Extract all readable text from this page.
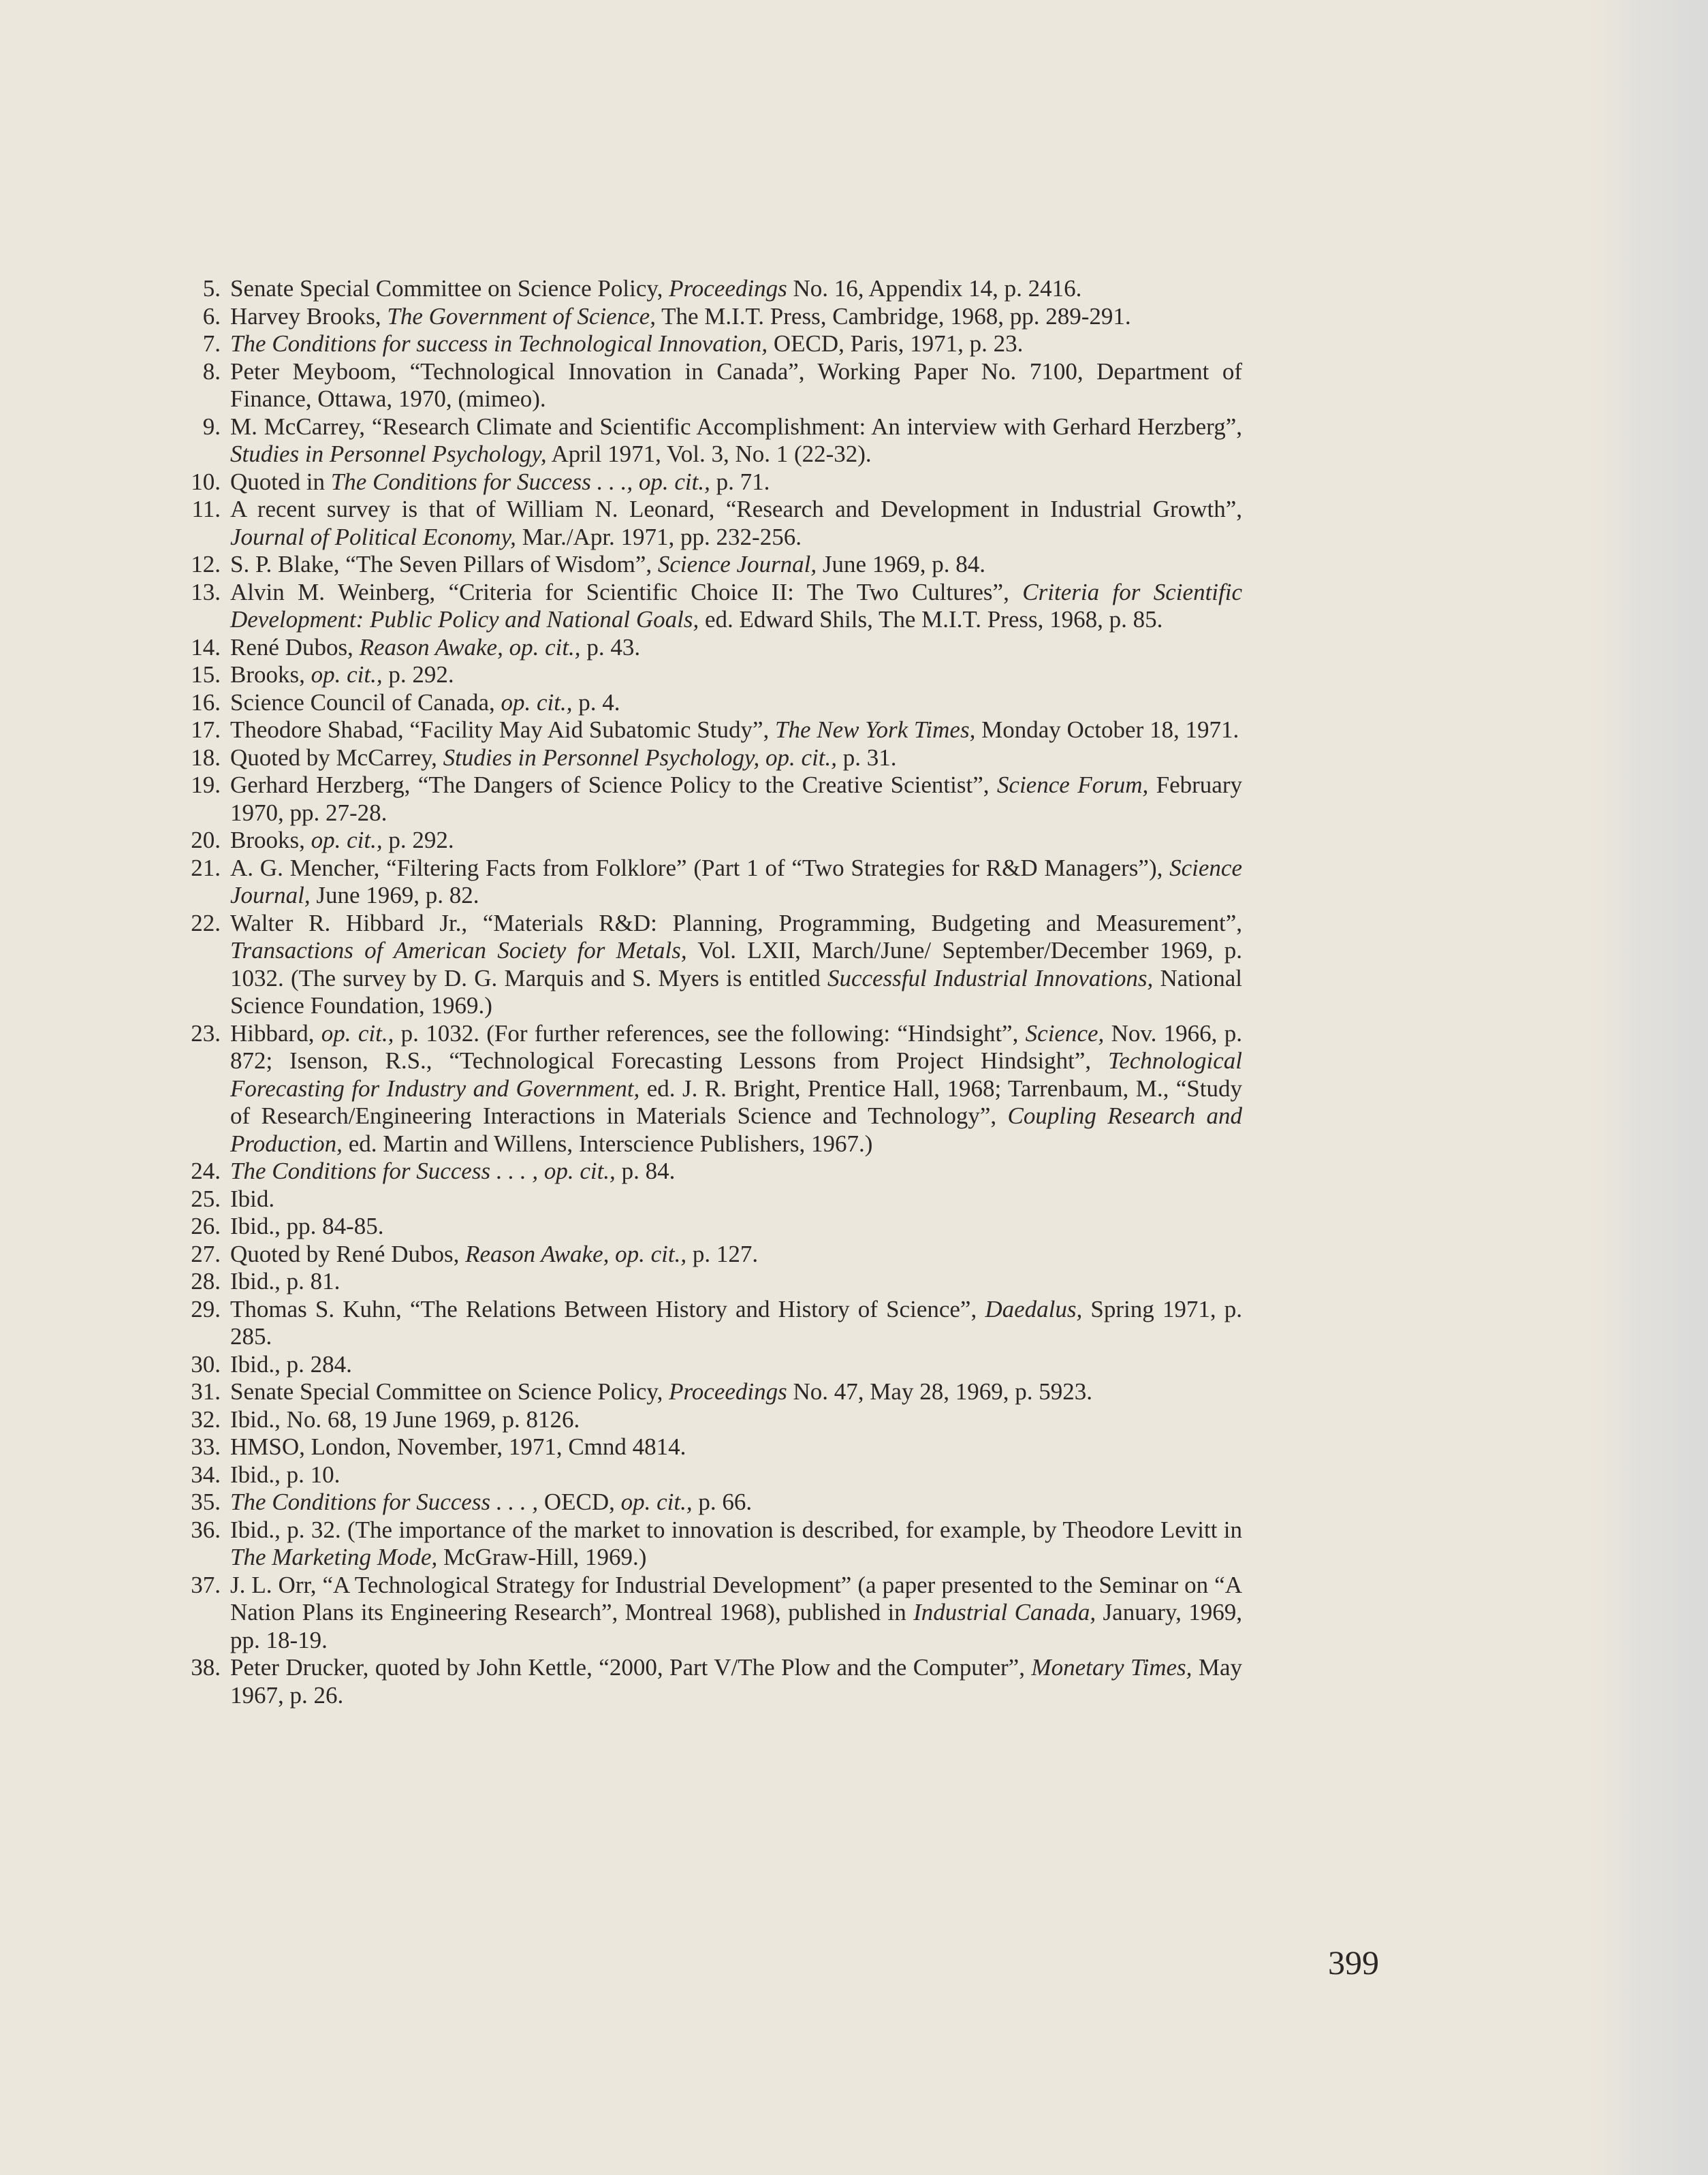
5. Senate Special Committee on Science Policy, Proceedings No. 16, Appendix 14, p. 2416.
6. Harvey Brooks, The Government of Science, The M.I.T. Press, Cambridge, 1968, pp. 289-291.
7. The Conditions for success in Technological Innovation, OECD, Paris, 1971, p. 23.
8. Peter Meyboom, “Technological Innovation in Canada”, Working Paper No. 7100, Department of Finance, Ottawa, 1970, (mimeo).
9. M. McCarrey, “Research Climate and Scientific Accomplishment: An interview with Gerhard Herzberg”, Studies in Personnel Psychology, April 1971, Vol. 3, No. 1 (22-32).
10. Quoted in The Conditions for Success . . ., op. cit., p. 71.
11. A recent survey is that of William N. Leonard, “Research and Development in Industrial Growth”, Journal of Political Economy, Mar./Apr. 1971, pp. 232-256.
12. S. P. Blake, “The Seven Pillars of Wisdom”, Science Journal, June 1969, p. 84.
13. Alvin M. Weinberg, “Criteria for Scientific Choice II: The Two Cultures”, Criteria for Scientific Development: Public Policy and National Goals, ed. Edward Shils, The M.I.T. Press, 1968, p. 85.
14. René Dubos, Reason Awake, op. cit., p. 43.
15. Brooks, op. cit., p. 292.
16. Science Council of Canada, op. cit., p. 4.
17. Theodore Shabad, “Facility May Aid Subatomic Study”, The New York Times, Monday October 18, 1971.
18. Quoted by McCarrey, Studies in Personnel Psychology, op. cit., p. 31.
19. Gerhard Herzberg, “The Dangers of Science Policy to the Creative Scientist”, Science Forum, February 1970, pp. 27-28.
20. Brooks, op. cit., p. 292.
21. A. G. Mencher, “Filtering Facts from Folklore” (Part 1 of “Two Strategies for R&D Managers”), Science Journal, June 1969, p. 82.
22. Walter R. Hibbard Jr., “Materials R&D: Planning, Programming, Budgeting and Measurement”, Transactions of American Society for Metals, Vol. LXII, March/June/ September/December 1969, p. 1032. (The survey by D. G. Marquis and S. Myers is entitled Successful Industrial Innovations, National Science Foundation, 1969.)
23. Hibbard, op. cit., p. 1032. (For further references, see the following: “Hindsight”, Science, Nov. 1966, p. 872; Isenson, R.S., “Technological Forecasting Lessons from Project Hindsight”, Technological Forecasting for Industry and Government, ed. J. R. Bright, Prentice Hall, 1968; Tarrenbaum, M., “Study of Research/Engineering Interactions in Materials Science and Technology”, Coupling Research and Production, ed. Martin and Willens, Interscience Publishers, 1967.)
24. The Conditions for Success . . . , op. cit., p. 84.
25. Ibid.
26. Ibid., pp. 84-85.
27. Quoted by René Dubos, Reason Awake, op. cit., p. 127.
28. Ibid., p. 81.
29. Thomas S. Kuhn, “The Relations Between History and History of Science”, Daedalus, Spring 1971, p. 285.
30. Ibid., p. 284.
31. Senate Special Committee on Science Policy, Proceedings No. 47, May 28, 1969, p. 5923.
32. Ibid., No. 68, 19 June 1969, p. 8126.
33. HMSO, London, November, 1971, Cmnd 4814.
34. Ibid., p. 10.
35. The Conditions for Success . . . , OECD, op. cit., p. 66.
36. Ibid., p. 32. (The importance of the market to innovation is described, for example, by Theodore Levitt in The Marketing Mode, McGraw-Hill, 1969.)
37. J. L. Orr, “A Technological Strategy for Industrial Development” (a paper presented to the Seminar on “A Nation Plans its Engineering Research”, Montreal 1968), published in Industrial Canada, January, 1969, pp. 18-19.
38. Peter Drucker, quoted by John Kettle, “2000, Part V/The Plow and the Computer”, Monetary Times, May 1967, p. 26.
399
